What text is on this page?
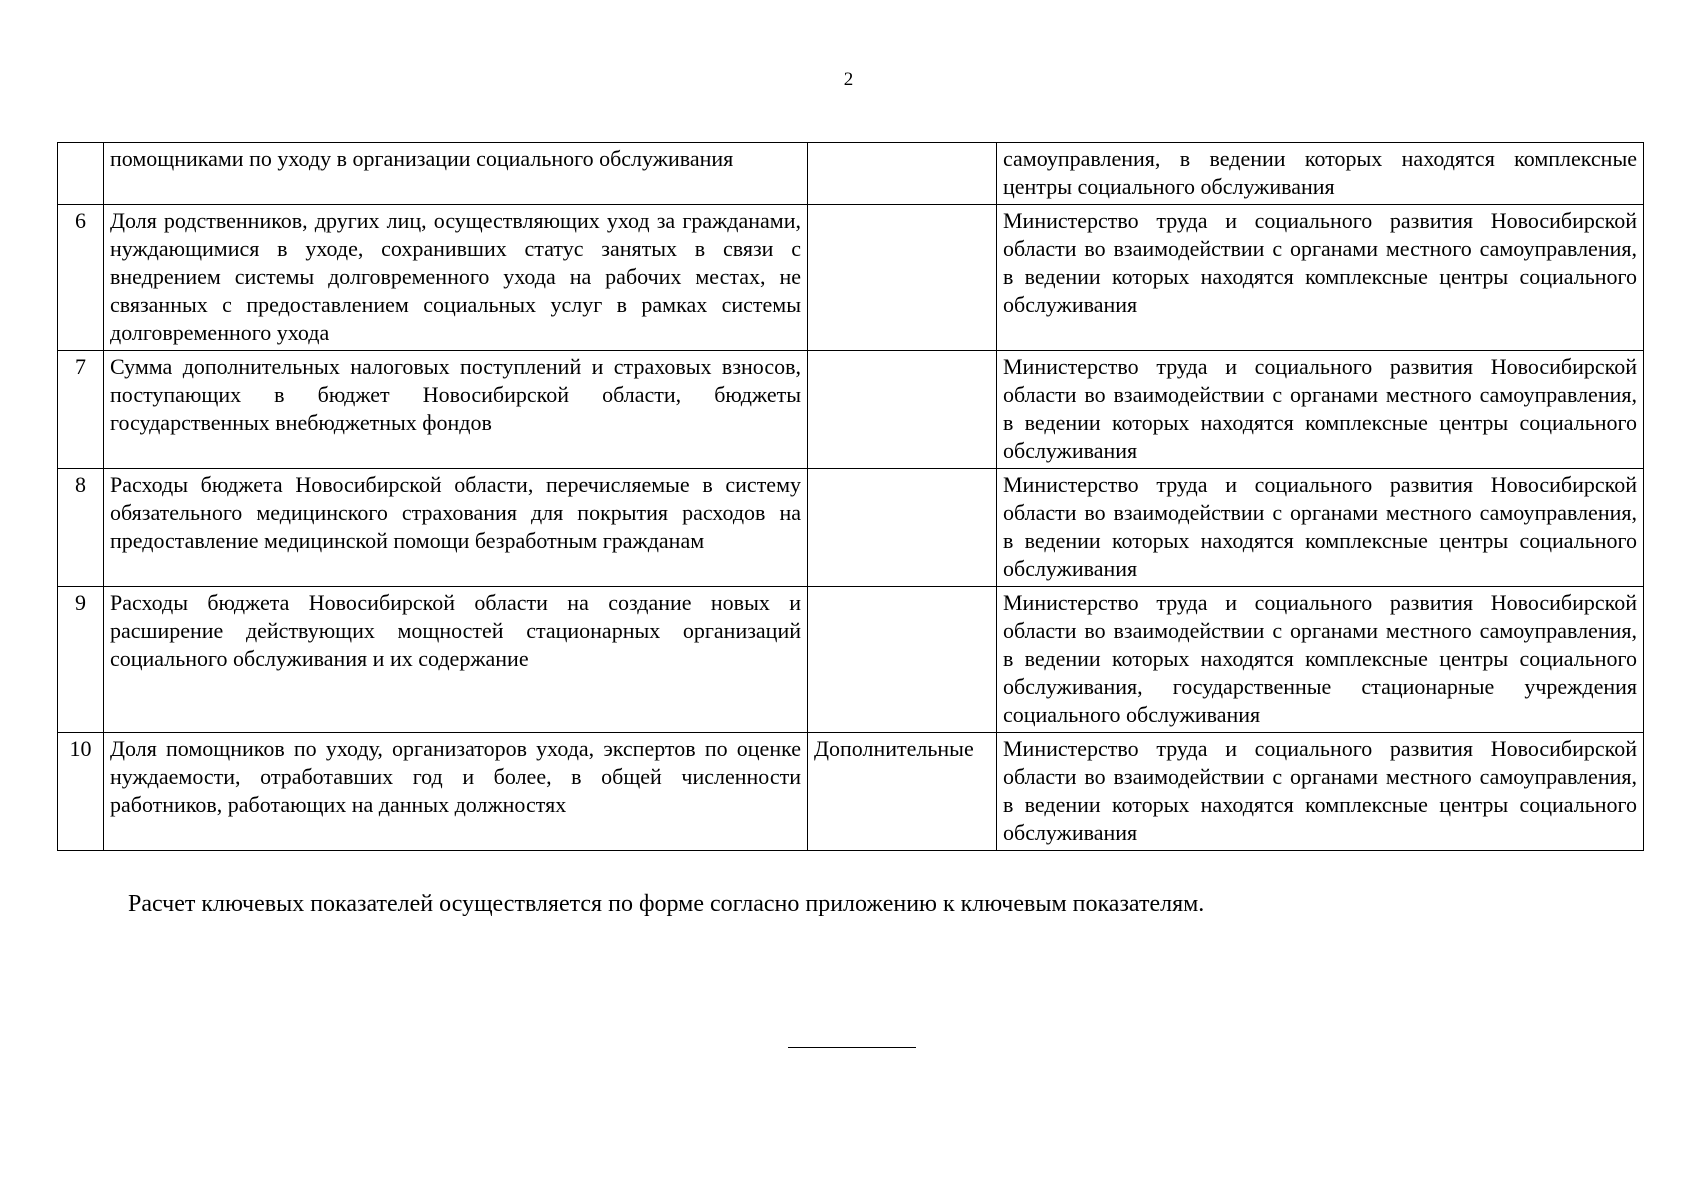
2
	помощниками по уходу в организации социального обслуживания		самоуправления, в ведении которых находятся комплексные центры социального обслуживания
6	Доля родственников, других лиц, осуществляющих уход за гражданами, нуждающимися в уходе, сохранивших статус занятых в связи с внедрением системы долговременного ухода на рабочих местах, не связанных с предоставлением социальных услуг в рамках системы долговременного ухода		Министерство труда и социального развития Новосибирской области во взаимодействии с органами местного самоуправления, в ведении которых находятся комплексные центры социального обслуживания
7	Сумма дополнительных налоговых поступлений и страховых взносов, поступающих в бюджет Новосибирской области, бюджеты государственных внебюджетных фондов		Министерство труда и социального развития Новосибирской области во взаимодействии с органами местного самоуправления, в ведении которых находятся комплексные центры социального обслуживания
8	Расходы бюджета Новосибирской области, перечисляемые в систему обязательного медицинского страхования для покрытия расходов на предоставление медицинской помощи безработным гражданам		Министерство труда и социального развития Новосибирской области во взаимодействии с органами местного самоуправления, в ведении которых находятся комплексные центры социального обслуживания
9	Расходы бюджета Новосибирской области на создание новых и расширение действующих мощностей стационарных организаций социального обслуживания и их содержание		Министерство труда и социального развития Новосибирской области во взаимодействии с органами местного самоуправления, в ведении которых находятся комплексные центры социального обслуживания, государственные стационарные учреждения социального обслуживания
10	Доля помощников по уходу, организаторов ухода, экспертов по оценке нуждаемости, отработавших год и более, в общей численности работников, работающих на данных должностях	Дополнительные	Министерство труда и социального развития Новосибирской области во взаимодействии с органами местного самоуправления, в ведении которых находятся комплексные центры социального обслуживания
Расчет ключевых показателей осуществляется по форме согласно приложению к ключевым показателям.
